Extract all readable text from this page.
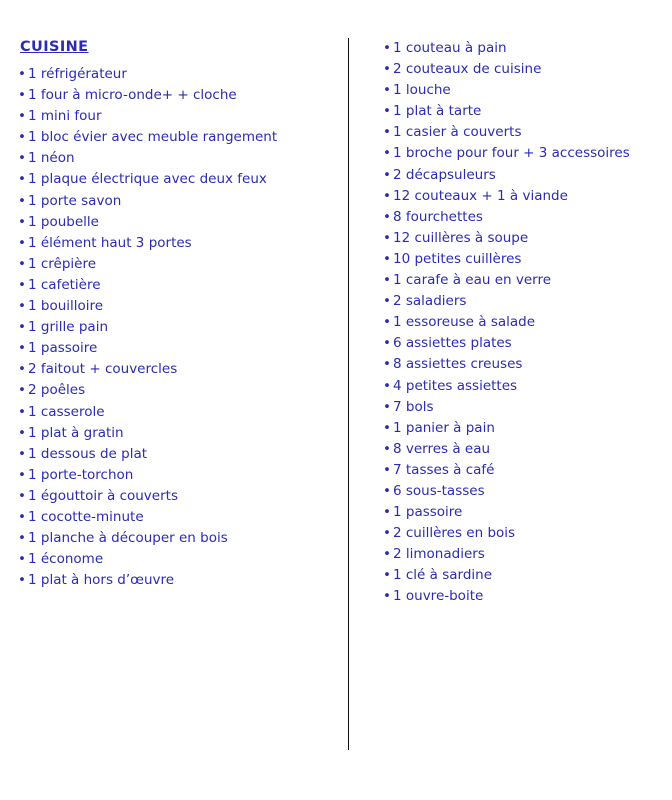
CUISINE
• 1 réfrigérateur
• 1 four à micro-onde+ + cloche
• 1 mini four
• 1 bloc évier avec meuble rangement
• 1 néon
• 1 plaque électrique avec deux feux
• 1 porte savon
• 1 poubelle
• 1 élément haut 3 portes
• 1 crêpière
• 1 cafetière
• 1 bouilloire
• 1 grille pain
• 1 passoire
• 2 faitout + couvercles
• 2 poêles
• 1 casserole
• 1 plat à gratin
• 1 dessous de plat
• 1 porte-torchon
• 1 égouttoir à couverts
• 1 cocotte-minute
• 1 planche à découper en bois
• 1 économe
• 1 plat à hors d’œuvre
• 1 couteau à pain
• 2 couteaux de cuisine
• 1 louche
• 1 plat à tarte
• 1 casier à couverts
• 1 broche pour four + 3 accessoires
• 2 décapsuleurs
• 12 couteaux + 1 à viande
• 8 fourchettes
• 12 cuillères à soupe
• 10 petites cuillères
• 1 carafe à eau en verre
• 2 saladiers
• 1 essoreuse à salade
• 6 assiettes plates
• 8 assiettes creuses
• 4 petites assiettes
• 7 bols
• 1 panier à pain
• 8 verres à eau
• 7 tasses à café
• 6 sous-tasses
• 1 passoire
• 2 cuillères en bois
• 2 limonadiers
• 1 clé à sardine
• 1 ouvre-boite
